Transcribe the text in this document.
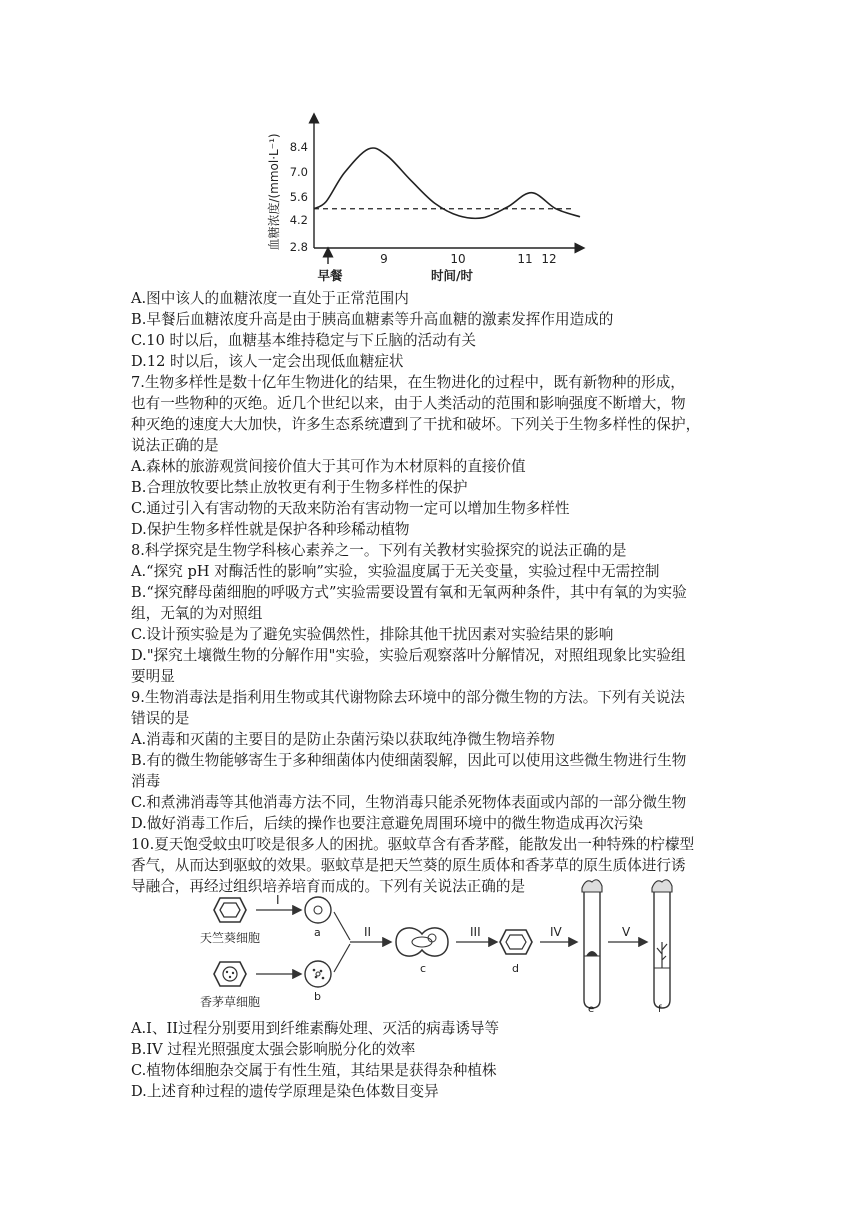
血糖浓度/(mmol·L⁻¹) 2.8
4.2
5.6
7.0
8.4
9	10	11 12
早餐	时间/时
A.图中该人的血糖浓度一直处于正常范围内
B.早餐后血糖浓度升高是由于胰高血糖素等升高血糖的激素发挥作用造成的
C.10 时以后，血糖基本维持稳定与下丘脑的活动有关
D.12 时以后，该人一定会出现低血糖症状
7.生物多样性是数十亿年生物进化的结果，在生物进化的过程中，既有新物种的形成，
也有一些物种的灭绝。近几个世纪以来，由于人类活动的范围和影响强度不断增大，物
种灭绝的速度大大加快，许多生态系统遭到了干扰和破坏。下列关于生物多样性的保护，
说法正确的是
A.森林的旅游观赏间接价值大于其可作为木材原料的直接价值
B.合理放牧要比禁止放牧更有利于生物多样性的保护
C.通过引入有害动物的天敌来防治有害动物一定可以增加生物多样性
D.保护生物多样性就是保护各种珍稀动植物
8.科学探究是生物学科核心素养之一。下列有关教材实验探究的说法正确的是
A.“探究 pH 对酶活性的影响”实验，实验温度属于无关变量，实验过程中无需控制
B.“探究酵母菌细胞的呼吸方式”实验需要设置有氧和无氧两种条件，其中有氧的为实验
组，无氧的为对照组
C.设计预实验是为了避免实验偶然性，排除其他干扰因素对实验结果的影响
D."探究土壤微生物的分解作用"实验，实验后观察落叶分解情况，对照组现象比实验组
要明显
9.生物消毒法是指利用生物或其代谢物除去环境中的部分微生物的方法。下列有关说法
错误的是
A.消毒和灭菌的主要目的是防止杂菌污染以获取纯净微生物培养物
B.有的微生物能够寄生于多种细菌体内使细菌裂解，因此可以使用这些微生物进行生物
消毒
C.和煮沸消毒等其他消毒方法不同，生物消毒只能杀死物体表面或内部的一部分微生物
D.做好消毒工作后，后续的操作也要注意避免周围环境中的微生物造成再次污染
10.夏天饱受蚊虫叮咬是很多人的困扰。驱蚊草含有香茅醛，能散发出一种特殊的柠檬型
香气，从而达到驱蚊的效果。驱蚊草是把天竺葵的原生质体和香茅草的原生质体进行诱
导融合，再经过组织培养培育而成的。下列有关说法正确的是
A.I、II过程分别要用到纤维素酶处理、灭活的病毒诱导等
B.IV 过程光照强度太强会影响脱分化的效率
C.植物体细胞杂交属于有性生殖，其结果是获得杂种植株
D.上述育种过程的遗传学原理是染色体数目变异
天竺葵细胞
香茅草细胞
I
a
b
II
c
III
d
IV
e
V
f
